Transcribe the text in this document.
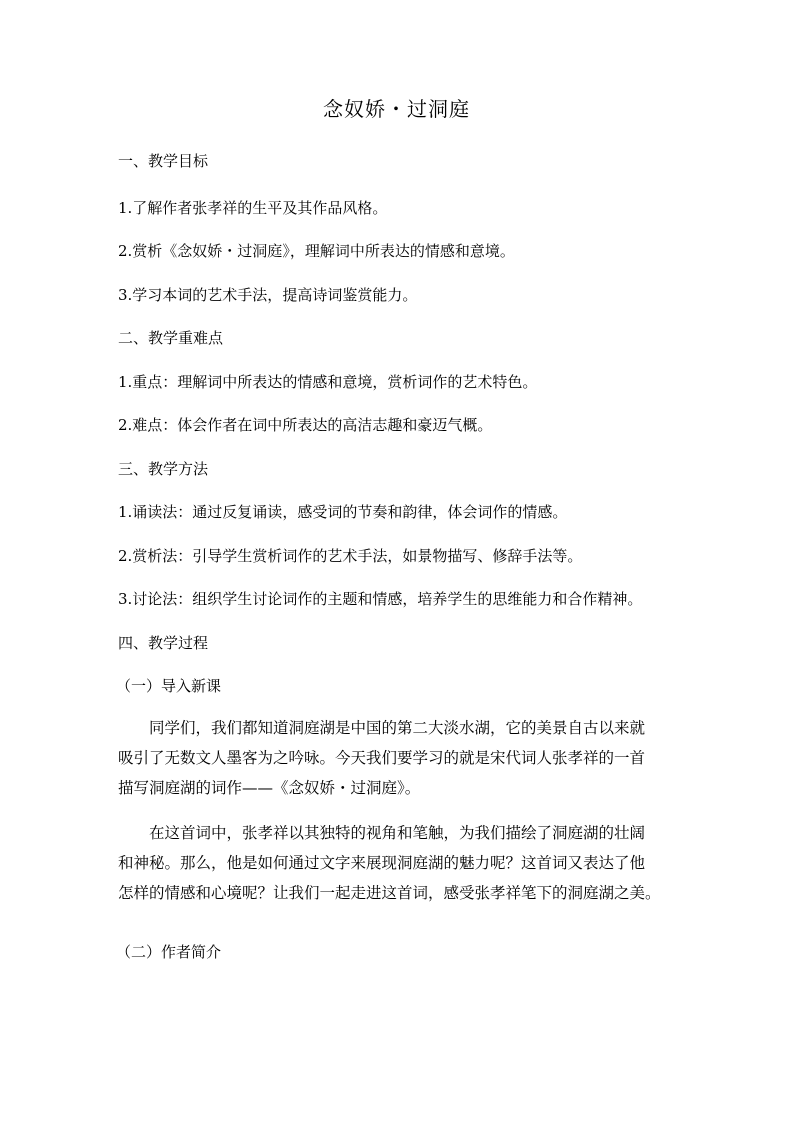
念奴娇・过洞庭

一、教学目标

1.了解作者张孝祥的生平及其作品风格。

2.赏析《念奴娇・过洞庭》，理解词中所表达的情感和意境。

3.学习本词的艺术手法，提高诗词鉴赏能力。

二、教学重难点

1.重点：理解词中所表达的情感和意境，赏析词作的艺术特色。

2.难点：体会作者在词中所表达的高洁志趣和豪迈气概。

三、教学方法

1.诵读法：通过反复诵读，感受词的节奏和韵律，体会词作的情感。

2.赏析法：引导学生赏析词作的艺术手法，如景物描写、修辞手法等。

3.讨论法：组织学生讨论词作的主题和情感，培养学生的思维能力和合作精神。

四、教学过程

（一）导入新课

同学们，我们都知道洞庭湖是中国的第二大淡水湖，它的美景自古以来就
吸引了无数文人墨客为之吟咏。今天我们要学习的就是宋代词人张孝祥的一首
描写洞庭湖的词作——《念奴娇・过洞庭》。
在这首词中，张孝祥以其独特的视角和笔触，为我们描绘了洞庭湖的壮阔
和神秘。那么，他是如何通过文字来展现洞庭湖的魅力呢？这首词又表达了他
怎样的情感和心境呢？让我们一起走进这首词，感受张孝祥笔下的洞庭湖之美。

（二）作者简介
